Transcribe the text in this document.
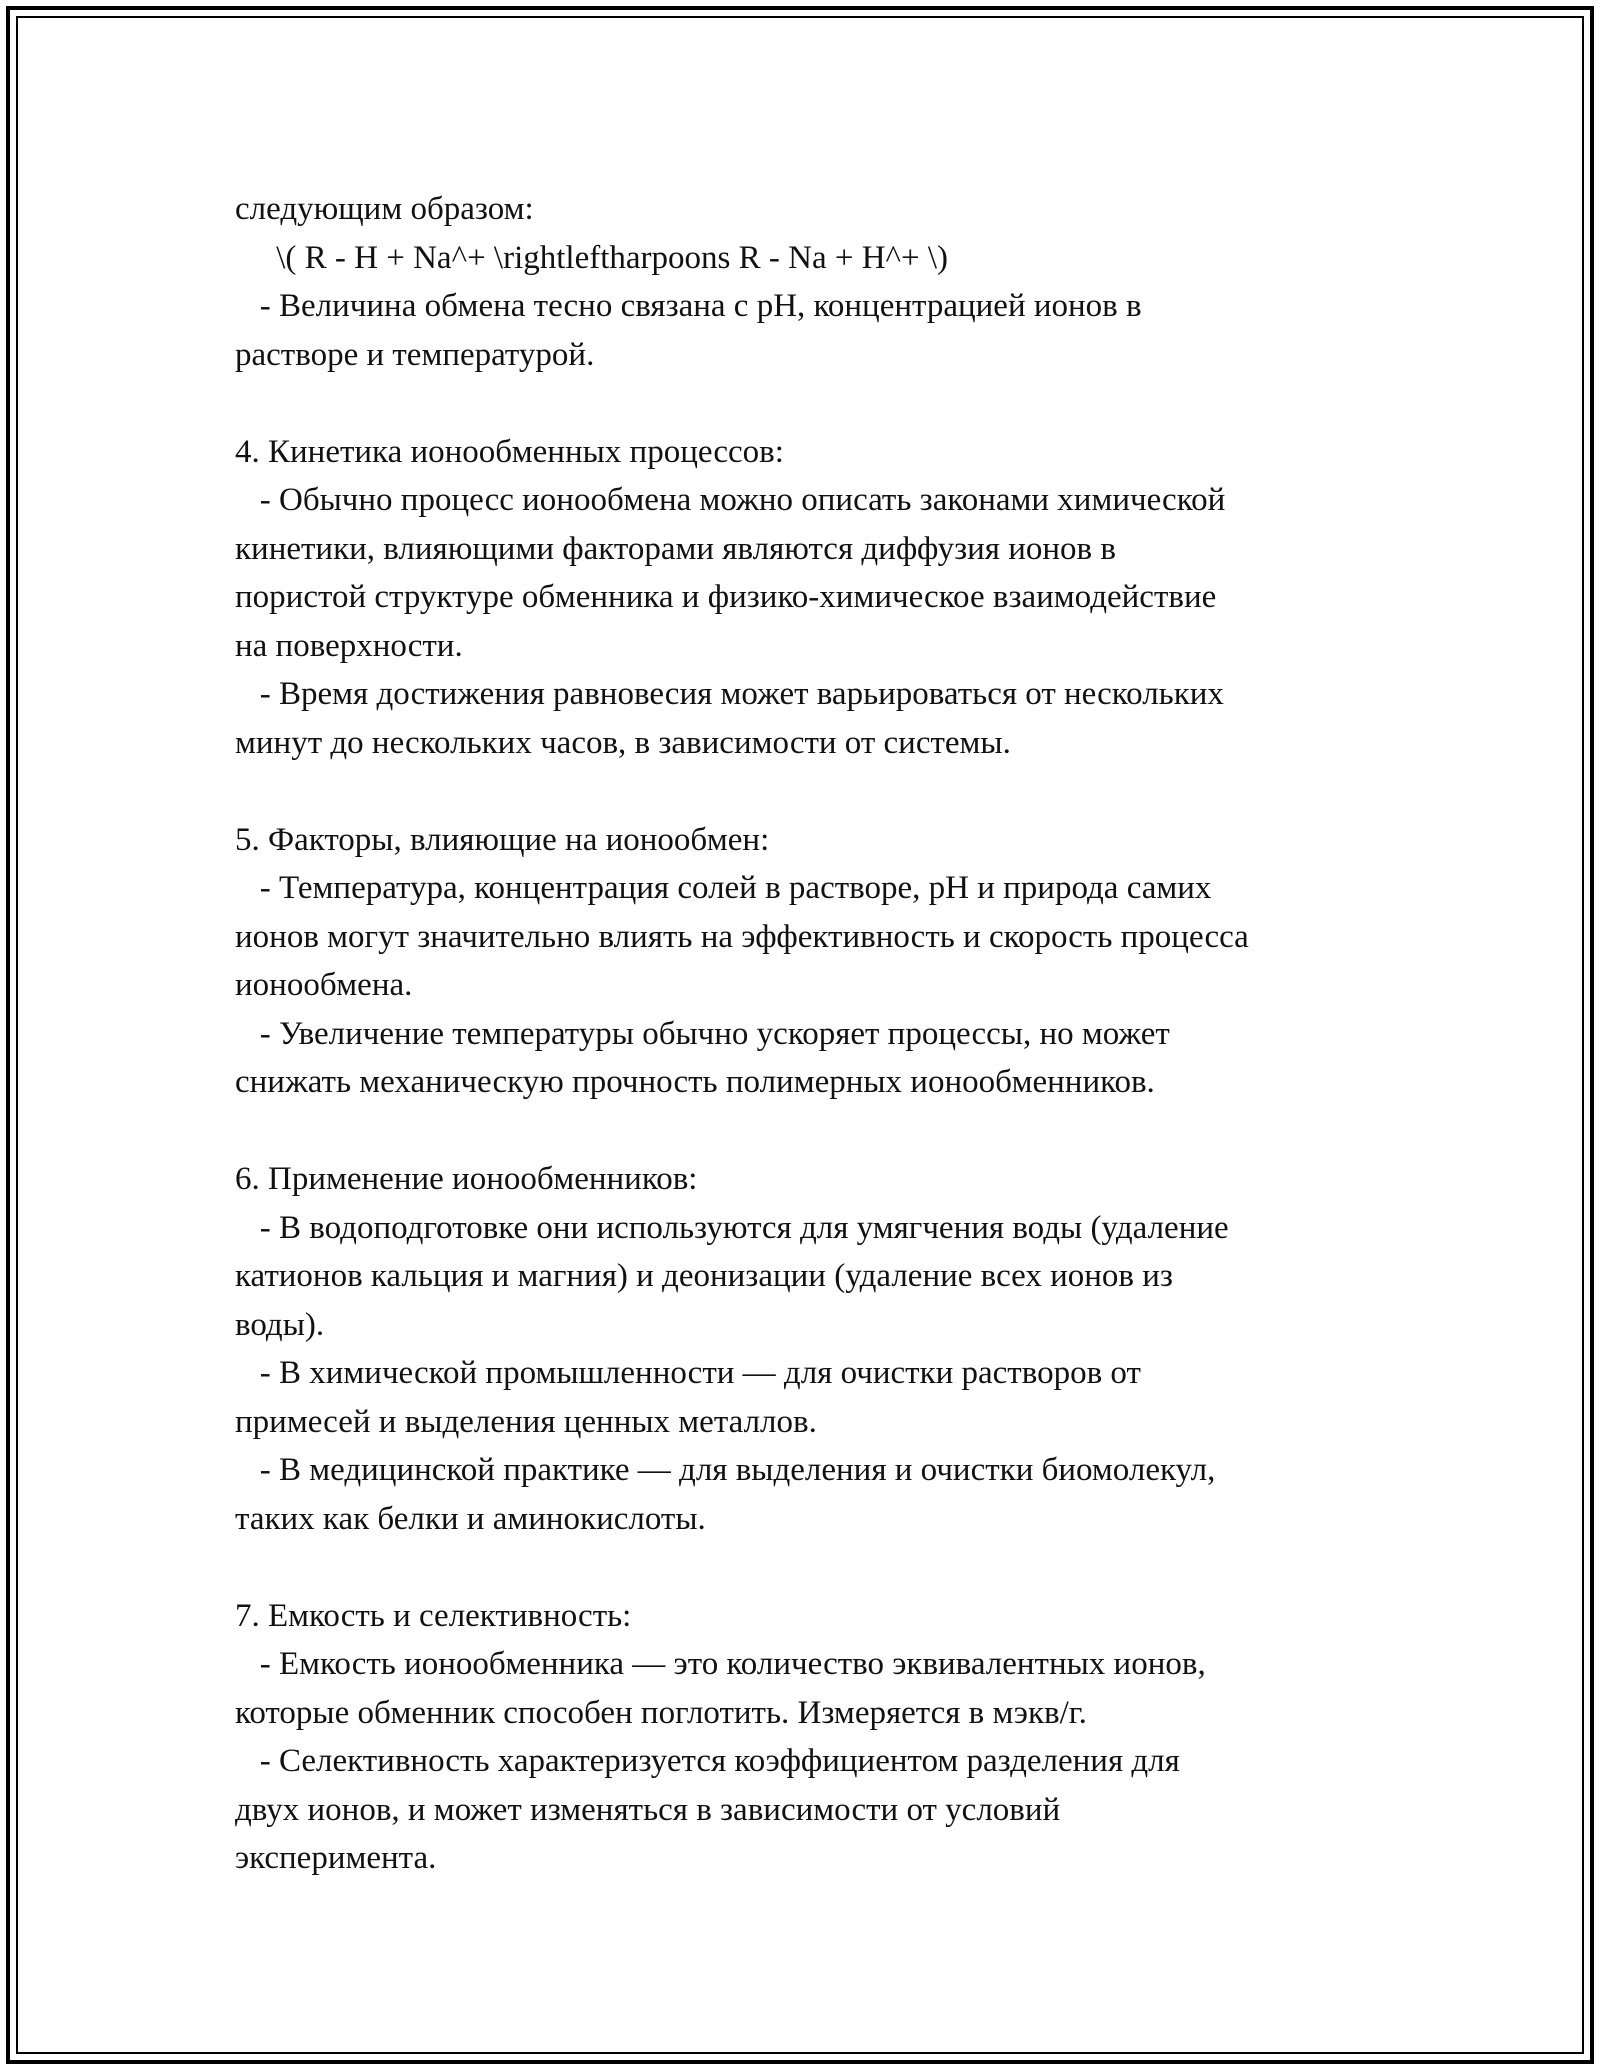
следующим образом:
\( R - H + Na^+ \rightleftharpoons R - Na + H^+ \)
- Величина обмена тесно связана с pH, концентрацией ионов в
растворе и температурой.
4. Кинетика ионообменных процессов:
- Обычно процесс ионообмена можно описать законами химической
кинетики, влияющими факторами являются диффузия ионов в
пористой структуре обменника и физико-химическое взаимодействие
на поверхности.
- Время достижения равновесия может варьироваться от нескольких
минут до нескольких часов, в зависимости от системы.
5. Факторы, влияющие на ионообмен:
- Температура, концентрация солей в растворе, pH и природа самих
ионов могут значительно влиять на эффективность и скорость процесса
ионообмена.
- Увеличение температуры обычно ускоряет процессы, но может
снижать механическую прочность полимерных ионообменников.
6. Применение ионообменников:
- В водоподготовке они используются для умягчения воды (удаление
катионов кальция и магния) и деонизации (удаление всех ионов из
воды).
- В химической промышленности — для очистки растворов от
примесей и выделения ценных металлов.
- В медицинской практике — для выделения и очистки биомолекул,
таких как белки и аминокислоты.
7. Емкость и селективность:
- Емкость ионообменника — это количество эквивалентных ионов,
которые обменник способен поглотить. Измеряется в мэкв/г.
- Селективность характеризуется коэффициентом разделения для
двух ионов, и может изменяться в зависимости от условий
эксперимента.
